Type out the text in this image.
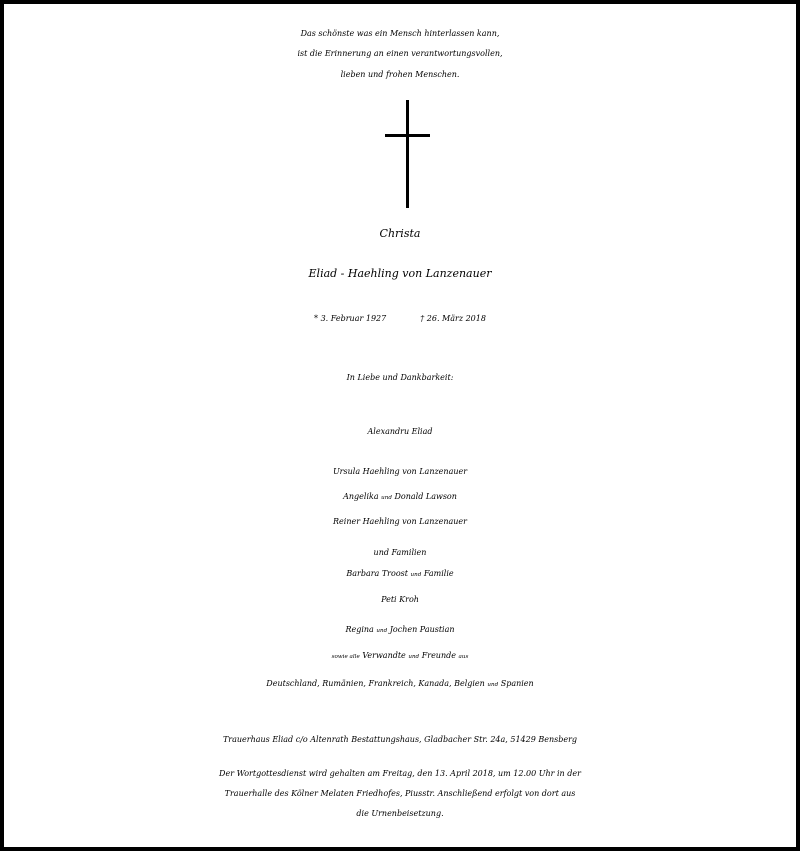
Das schönste was ein Mensch hinterlassen kann,
ist die Erinnerung an einen verantwortungsvollen,
lieben und frohen Menschen.
Christa
Eliad - Haehling von Lanzenauer
* 3. Februar 1927	† 26. März 2018
In Liebe und Dankbarkeit:
Alexandru Eliad
Ursula Haehling von Lanzenauer
Angelika und Donald Lawson
Reiner Haehling von Lanzenauer
und Familien
Barbara Troost und Familie
Peti Kroh
Regina und Jochen Paustian
sowie alle Verwandte und Freunde aus
Deutschland, Rumänien, Frankreich, Kanada, Belgien und Spanien
Trauerhaus Eliad c/o Altenrath Bestattungshaus, Gladbacher Str. 24a, 51429 Bensberg
Der Wortgottesdienst wird gehalten am Freitag, den 13. April 2018, um 12.00 Uhr in der
Trauerhalle des Kölner Melaten Friedhofes, Piusstr. Anschließend erfolgt von dort aus
die Urnenbeisetzung.
